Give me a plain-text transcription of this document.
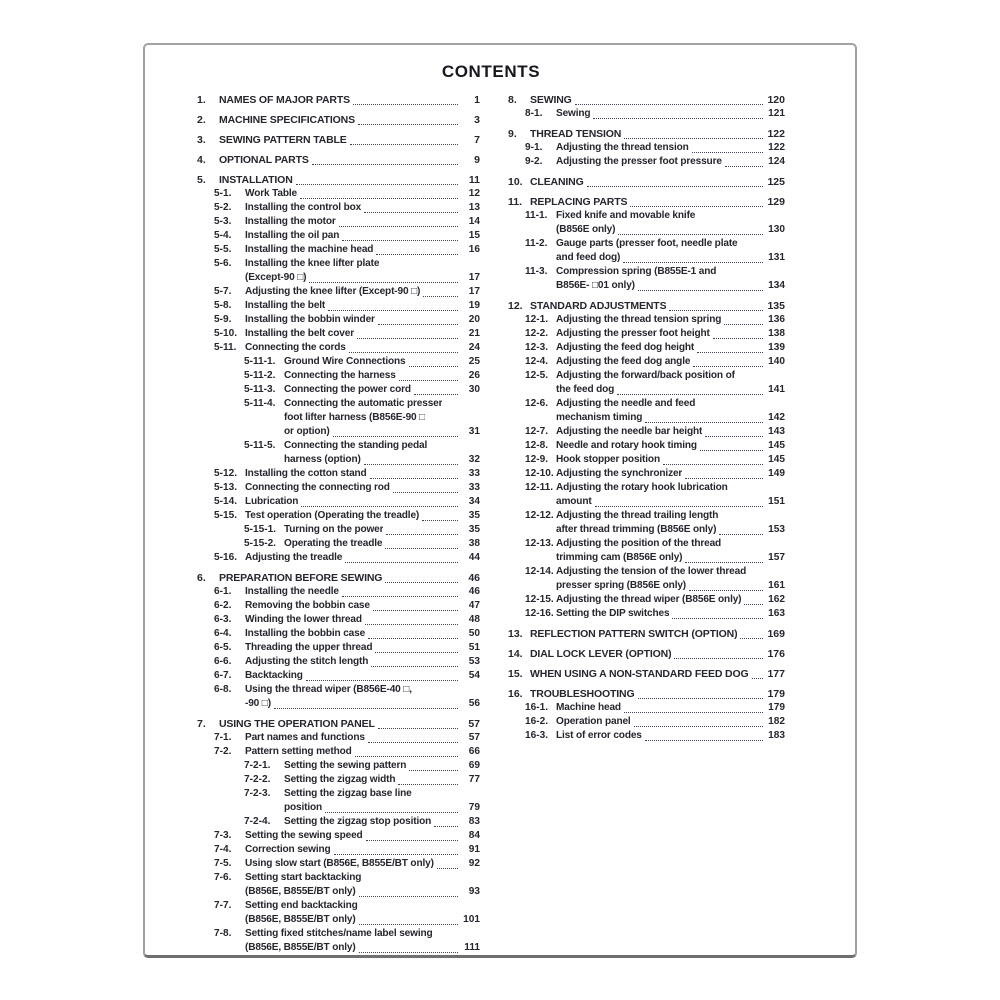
CONTENTS
1.	NAMES OF MAJOR PARTS	1
2.	MACHINE SPECIFICATIONS	3
3.	SEWING PATTERN TABLE	7
4.	OPTIONAL PARTS	9
5.	INSTALLATION	11
5-1.	Work Table	12
5-2.	Installing the control box	13
5-3.	Installing the motor	14
5-4.	Installing the oil pan	15
5-5.	Installing the machine head	16
5-6.	Installing the knee lifter plate
(Except-90 □)	17
5-7.	Adjusting the knee lifter (Except-90 □)	17
5-8.	Installing the belt	19
5-9.	Installing the bobbin winder	20
5-10. Installing the belt cover	21
5-11. Connecting the cords	24
5-11-1. Ground Wire Connections	25
5-11-2. Connecting the harness	26
5-11-3. Connecting the power cord	30
5-11-4. Connecting the automatic presser
foot lifter harness (B856E-90 □
or option)	31
5-11-5. Connecting the standing pedal
harness (option)	32
5-12. Installing the cotton stand	33
5-13. Connecting the connecting rod	33
5-14. Lubrication	34
5-15. Test operation (Operating the treadle)	35
5-15-1. Turning on the power	35
5-15-2. Operating the treadle	38
5-16. Adjusting the treadle	44
6.	PREPARATION BEFORE SEWING	46
6-1.	Installing the needle	46
6-2.	Removing the bobbin case	47
6-3.	Winding the lower thread	48
6-4.	Installing the bobbin case	50
6-5.	Threading the upper thread	51
6-6.	Adjusting the stitch length	53
6-7.	Backtacking	54
6-8.	Using the thread wiper (B856E-40 □,
-90 □)	56
7.	USING THE OPERATION PANEL	57
7-1.	Part names and functions	57
7-2.	Pattern setting method	66
7-2-1.	Setting the sewing pattern	69
7-2-2.	Setting the zigzag width	77
7-2-3.	Setting the zigzag base line
position	79
7-2-4.	Setting the zigzag stop position	83
7-3.	Setting the sewing speed	84
7-4.	Correction sewing	91
7-5.	Using slow start (B856E, B855E/BT only)	92
7-6.	Setting start backtacking
(B856E, B855E/BT only)	93
7-7.	Setting end backtacking
(B856E, B855E/BT only)	101
7-8.	Setting fixed stitches/name label sewing
(B856E, B855E/BT only)	111
8.	SEWING	120
8-1.	Sewing	121
9.	THREAD TENSION	122
9-1.	Adjusting the thread tension	122
9-2.	Adjusting the presser foot pressure	124
10. CLEANING	125
11. REPLACING PARTS	129
11-1. Fixed knife and movable knife
(B856E only)	130
11-2. Gauge parts (presser foot, needle plate
and feed dog)	131
11-3. Compression spring (B855E-1 and
B856E- □01 only)	134
12. STANDARD ADJUSTMENTS	135
12-1. Adjusting the thread tension spring	136
12-2. Adjusting the presser foot height	138
12-3. Adjusting the feed dog height	139
12-4. Adjusting the feed dog angle	140
12-5. Adjusting the forward/back position of
the feed dog	141
12-6. Adjusting the needle and feed
mechanism timing	142
12-7. Adjusting the needle bar height	143
12-8. Needle and rotary hook timing	145
12-9. Hook stopper position	145
12-10. Adjusting the synchronizer	149
12-11. Adjusting the rotary hook lubrication
amount	151
12-12. Adjusting the thread trailing length
after thread trimming (B856E only)	153
12-13. Adjusting the position of the thread
trimming cam (B856E only)	157
12-14. Adjusting the tension of the lower thread
presser spring (B856E only)	161
12-15. Adjusting the thread wiper (B856E only)	162
12-16. Setting the DIP switches	163
13. REFLECTION PATTERN SWITCH (OPTION)	169
14. DIAL LOCK LEVER (OPTION)	176
15. WHEN USING A NON-STANDARD FEED DOG 177
16. TROUBLESHOOTING	179
16-1. Machine head	179
16-2. Operation panel	182
16-3. List of error codes	183
